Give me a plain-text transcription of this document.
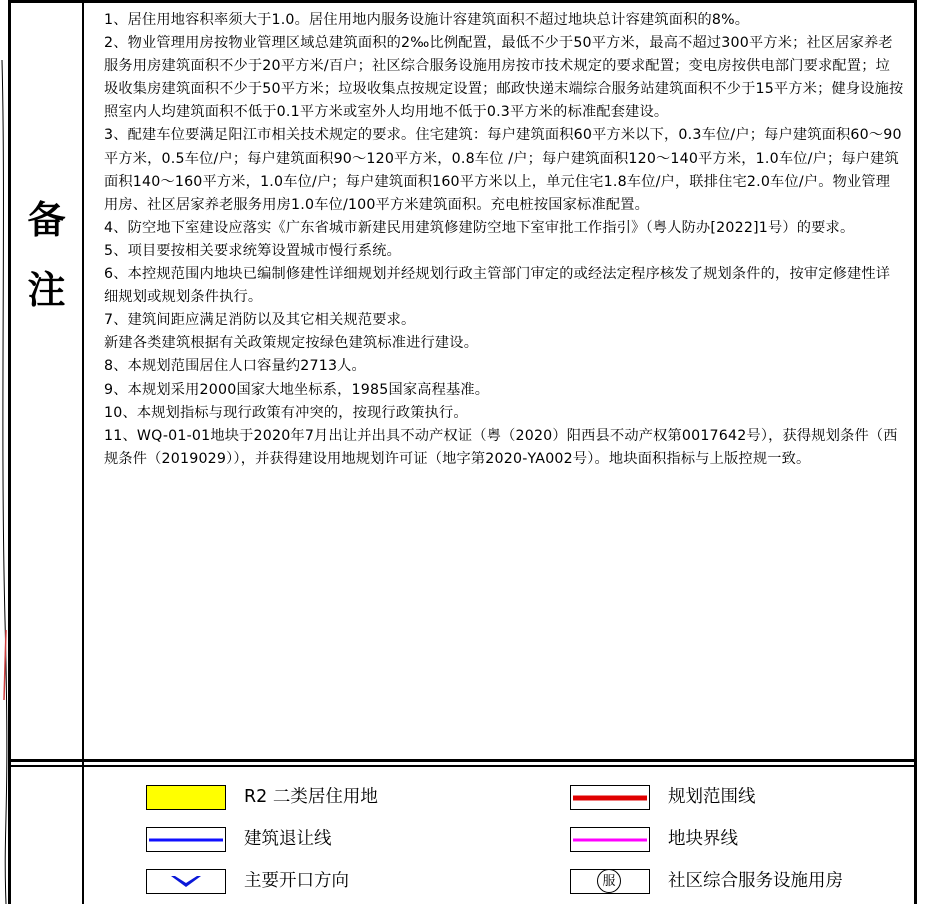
备
注

1、居住用地容积率须大于1.0。居住用地内服务设施计容建筑面积不超过地块总计容建筑面积的8%。

2、物业管理用房按物业管理区域总建筑面积的2‰比例配置，最低不少于50平方米，最高不超过300平方米；社区居家养老服务用房建筑面积不少于20平方米/百户；社区综合服务设施用房按市技术规定的要求配置；变电房按供电部门要求配置；垃圾收集房建筑面积不少于50平方米；垃圾收集点按规定设置；邮政快递末端综合服务站建筑面积不少于15平方米；健身设施按照室内人均建筑面积不低于0.1平方米或室外人均用地不低于0.3平方米的标准配套建设。

3、配建车位要满足阳江市相关技术规定的要求。住宅建筑：每户建筑面积60平方米以下，0.3车位/户；每户建筑面积60～90平方米，0.5车位/户；每户建筑面积90～120平方米，0.8车位 /户；每户建筑面积120～140平方米，1.0车位/户；每户建筑面积140～160平方米，1.0车位/户；每户建筑面积160平方米以上，单元住宅1.8车位/户，联排住宅2.0车位/户。物业管理用房、社区居家养老服务用房1.0车位/100平方米建筑面积。充电桩按国家标准配置。

4、防空地下室建设应落实《广东省城市新建民用建筑修建防空地下室审批工作指引》（粤人防办[2022]1号）的要求。

5、项目要按相关要求统筹设置城市慢行系统。

6、本控规范围内地块已编制修建性详细规划并经规划行政主管部门审定的或经法定程序核发了规划条件的，按审定修建性详细规划或规划条件执行。

7、建筑间距应满足消防以及其它相关规范要求。

新建各类建筑根据有关政策规定按绿色建筑标准进行建设。

8、本规划范围居住人口容量约2713人。

9、本规划采用2000国家大地坐标系，1985国家高程基准。

10、本规划指标与现行政策有冲突的，按现行政策执行。

11、WQ-01-01地块于2020年7月出让并出具不动产权证（粤（2020）阳西县不动产权第0017642号），获得规划条件（西规条件（2019029）），并获得建设用地规划许可证（地字第2020-YA002号）。地块面积指标与上版控规一致。

R2 二类居住用地	规划范围线
建筑退让线	地块界线
主要开口方向	服	社区综合服务设施用房
